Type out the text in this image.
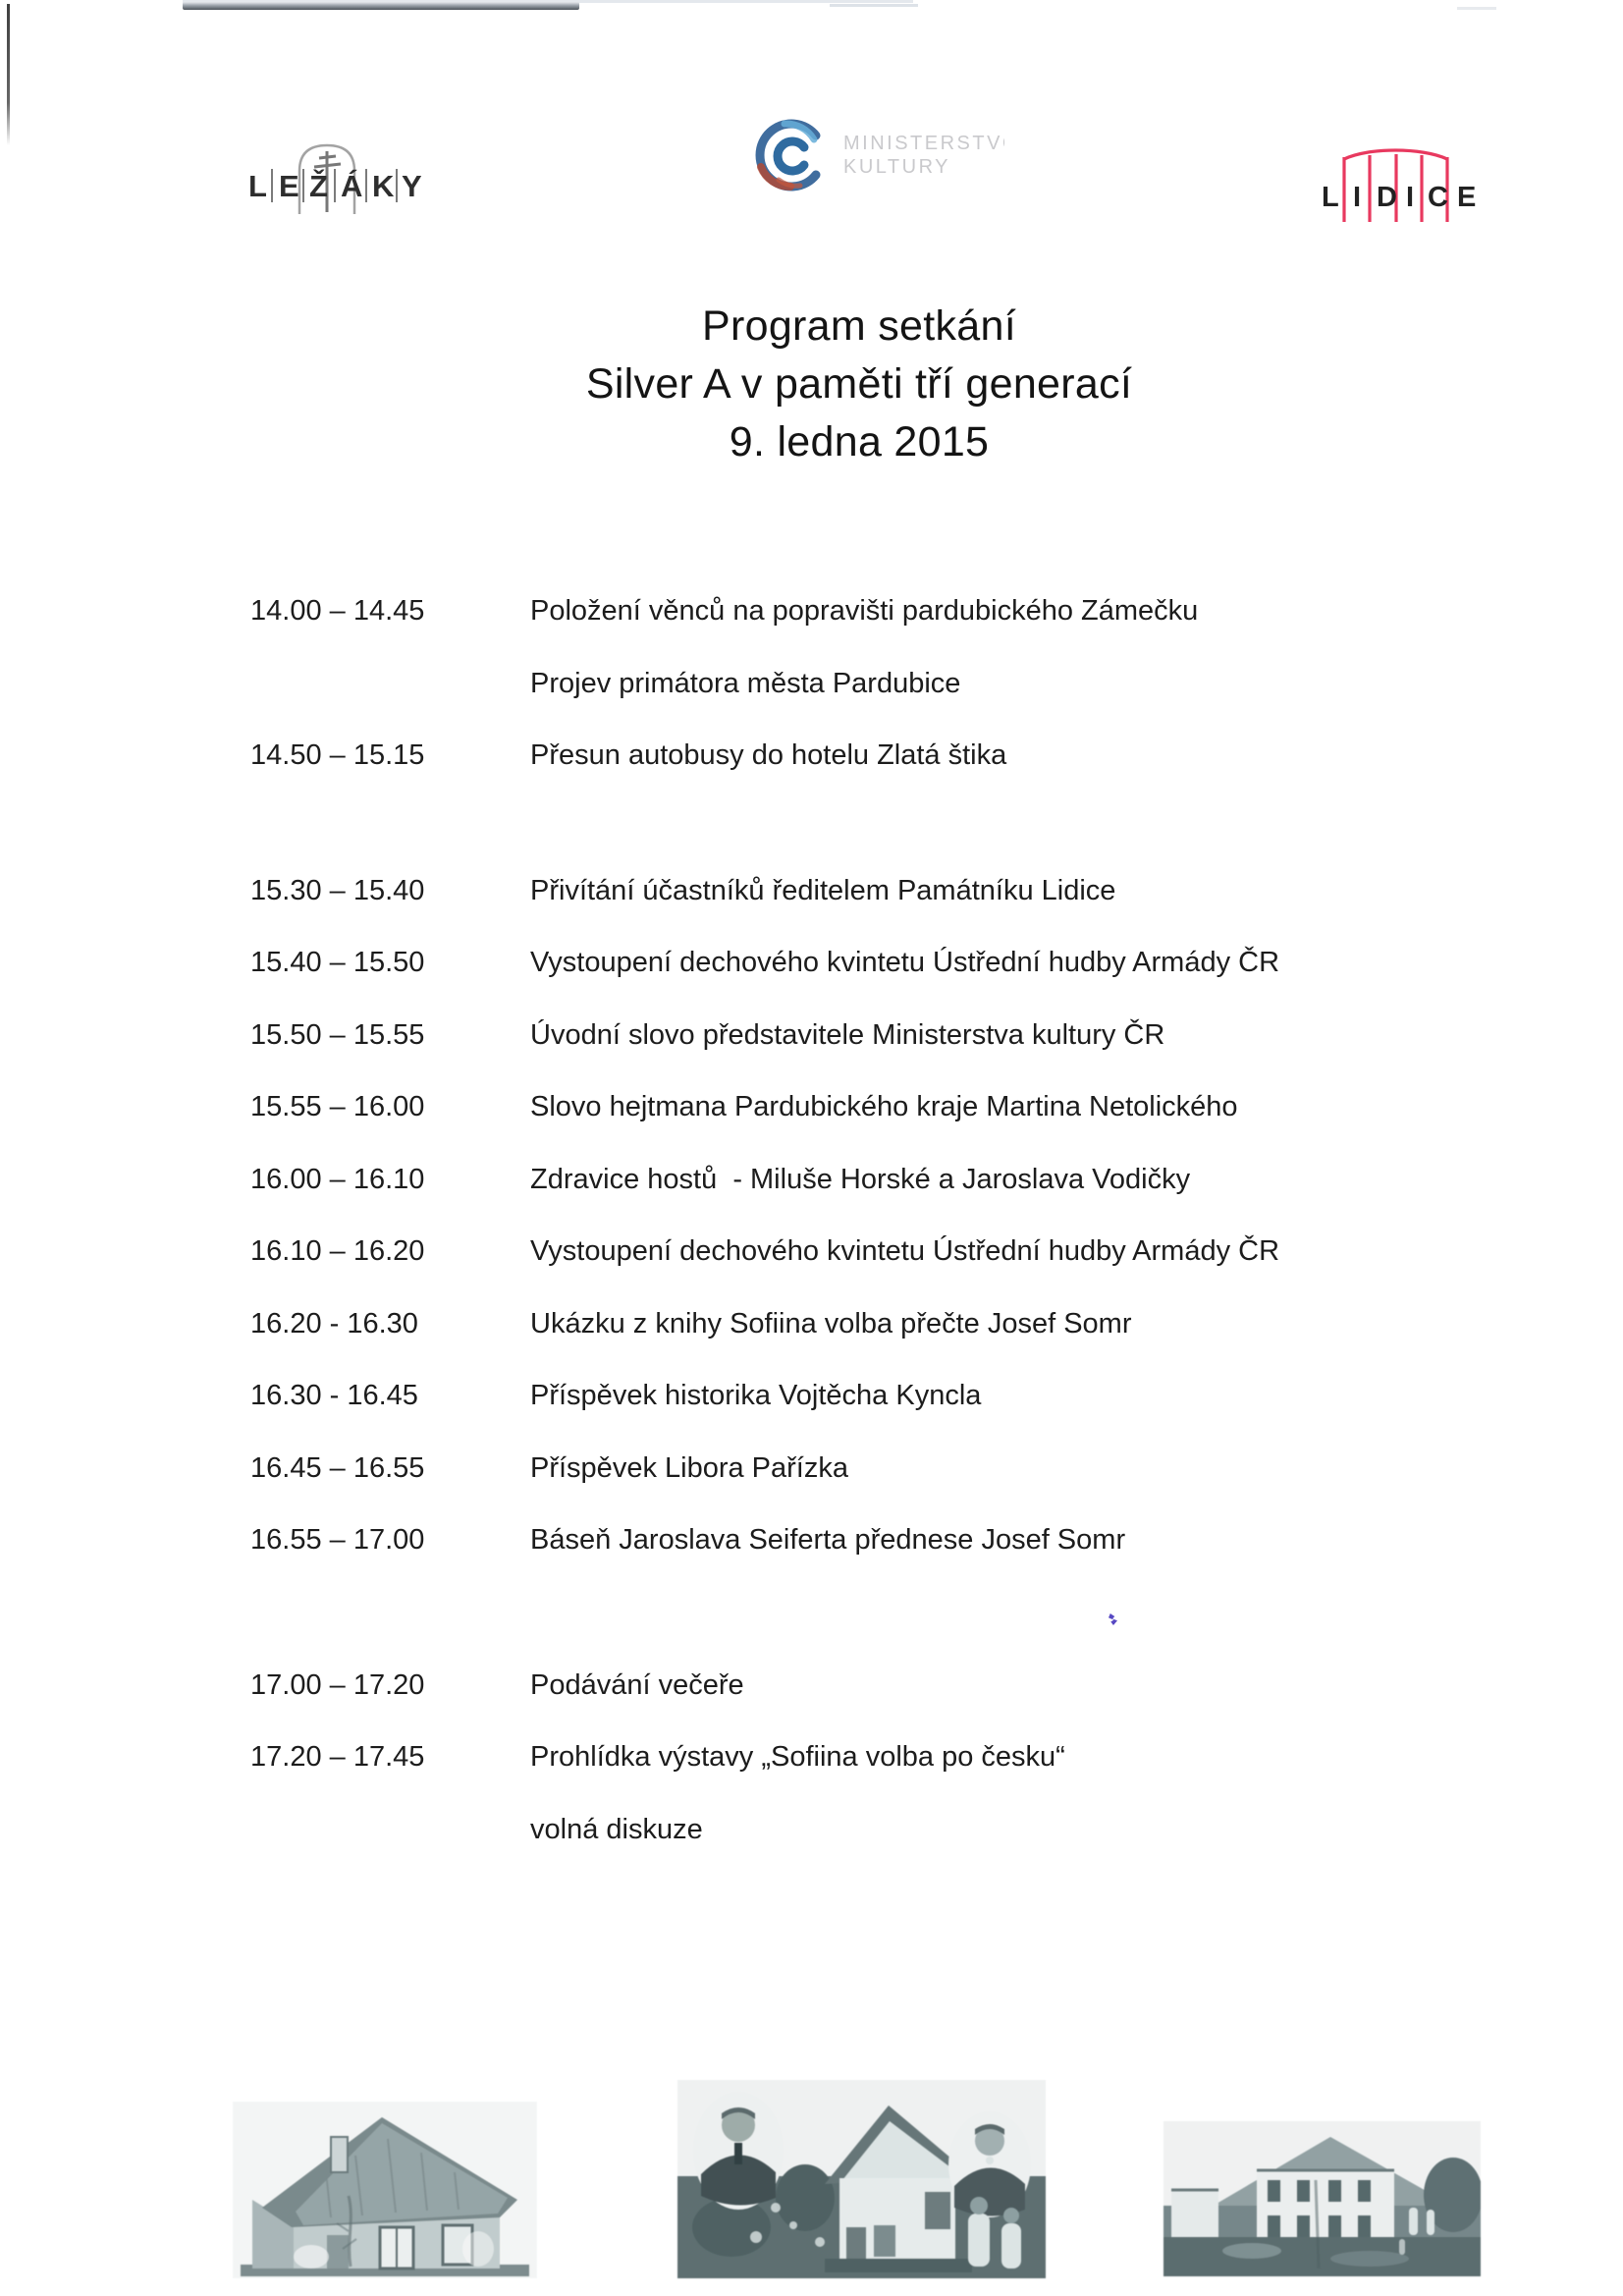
L E Ž Á K Y
MINISTERSTVO
KULTURY
L I D I C E
Program setkání
Silver A v paměti tří generací
9. ledna 2015
14.00 – 14.45	Položení věnců na popravišti pardubického Zámečku
Projev primátora města Pardubice
14.50 – 15.15	Přesun autobusy do hotelu Zlatá štika
15.30 – 15.40	Přivítání účastníků ředitelem Památníku Lidice
15.40 – 15.50	Vystoupení dechového kvintetu Ústřední hudby Armády ČR
15.50 – 15.55	Úvodní slovo představitele Ministerstva kultury ČR
15.55 – 16.00	Slovo hejtmana Pardubického kraje Martina Netolického
16.00 – 16.10	Zdravice hostů  - Miluše Horské a Jaroslava Vodičky
16.10 – 16.20	Vystoupení dechového kvintetu Ústřední hudby Armády ČR
16.20 - 16.30	Ukázku z knihy Sofiina volba přečte Josef Somr
16.30 - 16.45	Příspěvek historika Vojtěcha Kyncla
16.45 – 16.55	Příspěvek Libora Pařízka
16.55 – 17.00	Báseň Jaroslava Seiferta přednese Josef Somr
17.00 – 17.20	Podávání večeře
17.20 – 17.45	Prohlídka výstavy „Sofiina volba po česku“
volná diskuze
